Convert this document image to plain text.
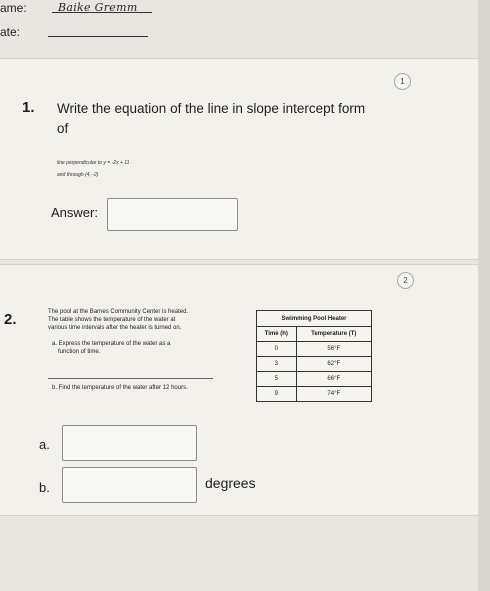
ame:	Baike Gremm
ate:
1
1. Write the equation of the line in slope intercept form
of
line perpendicular to y = -2x + 11
and through (4, -2)
Answer:
2
2.	The pool at the Barnes Community Center is heated.
The table shows the temperature of the water at
various time intervals after the heater is turned on.
a. Express the temperature of the water as a
function of time.
b. Find the temperature of the water after 12 hours.
Swimming Pool Heater	
Time (h)	Temperature (T)
0	56°F
3	62°F
5	66°F
9	74°F
a.
b.	degrees
